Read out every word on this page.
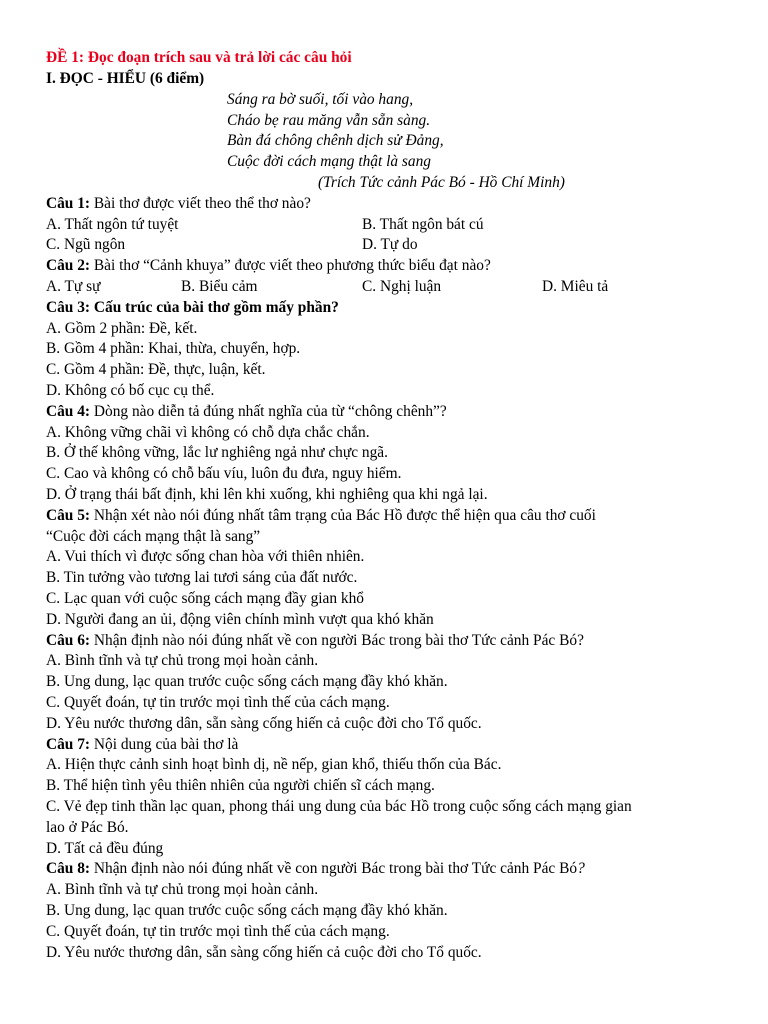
ĐỀ 1: Đọc đoạn trích sau và trả lời các câu hỏi
I. ĐỌC - HIỂU (6 điểm)
Sáng ra bờ suối, tối vào hang,
Cháo bẹ rau măng vẫn sẵn sàng.
Bàn đá chông chênh dịch sử Đảng,
Cuộc đời cách mạng thật là sang
(Trích Tức cảnh Pác Bó - Hồ Chí Minh)
Câu 1: Bài thơ được viết theo thể thơ nào?
A. Thất ngôn tứ tuyệt	B. Thất ngôn bát cú
C. Ngũ ngôn	D. Tự do
Câu 2: Bài thơ “Cảnh khuya” được viết theo phương thức biểu đạt nào?
A. Tự sự	B. Biểu cảm	C. Nghị luận	D. Miêu tả
Câu 3: Cấu trúc của bài thơ gồm mấy phần?
A. Gồm 2 phần: Đề, kết.
B. Gồm 4 phần: Khai, thừa, chuyển, hợp.
C. Gồm 4 phần: Đề, thực, luận, kết.
D. Không có bố cục cụ thể.
Câu 4: Dòng nào diễn tả đúng nhất nghĩa của từ “chông chênh”?
A. Không vững chãi vì không có chỗ dựa chắc chắn.
B. Ở thế không vững, lắc lư nghiêng ngả như chực ngã.
C. Cao và không có chỗ bấu víu, luôn đu đưa, nguy hiểm.
D. Ở trạng thái bất định, khi lên khi xuống, khi nghiêng qua khi ngả lại.
Câu 5: Nhận xét nào nói đúng nhất tâm trạng của Bác Hồ được thể hiện qua câu thơ cuối
“Cuộc đời cách mạng thật là sang”
A. Vui thích vì được sống chan hòa với thiên nhiên.
B. Tin tưởng vào tương lai tươi sáng của đất nước.
C. Lạc quan với cuộc sống cách mạng đầy gian khổ
D. Người đang an ủi, động viên chính mình vượt qua khó khăn
Câu 6: Nhận định nào nói đúng nhất về con người Bác trong bài thơ Tức cảnh Pác Bó?
A. Bình tĩnh và tự chủ trong mọi hoàn cảnh.
B. Ung dung, lạc quan trước cuộc sống cách mạng đầy khó khăn.
C. Quyết đoán, tự tin trước mọi tình thế của cách mạng.
D. Yêu nước thương dân, sẵn sàng cống hiến cả cuộc đời cho Tổ quốc.
Câu 7: Nội dung của bài thơ là
A. Hiện thực cảnh sinh hoạt bình dị, nề nếp, gian khổ, thiếu thốn của Bác.
B. Thể hiện tình yêu thiên nhiên của người chiến sĩ cách mạng.
C. Vẻ đẹp tinh thần lạc quan, phong thái ung dung của bác Hồ trong cuộc sống cách mạng gian
lao ở Pác Bó.
D. Tất cả đều đúng
Câu 8: Nhận định nào nói đúng nhất về con người Bác trong bài thơ Tức cảnh Pác Bó?
A. Bình tĩnh và tự chủ trong mọi hoàn cảnh.
B. Ung dung, lạc quan trước cuộc sống cách mạng đầy khó khăn.
C. Quyết đoán, tự tin trước mọi tình thế của cách mạng.
D. Yêu nước thương dân, sẵn sàng cống hiến cả cuộc đời cho Tổ quốc.
